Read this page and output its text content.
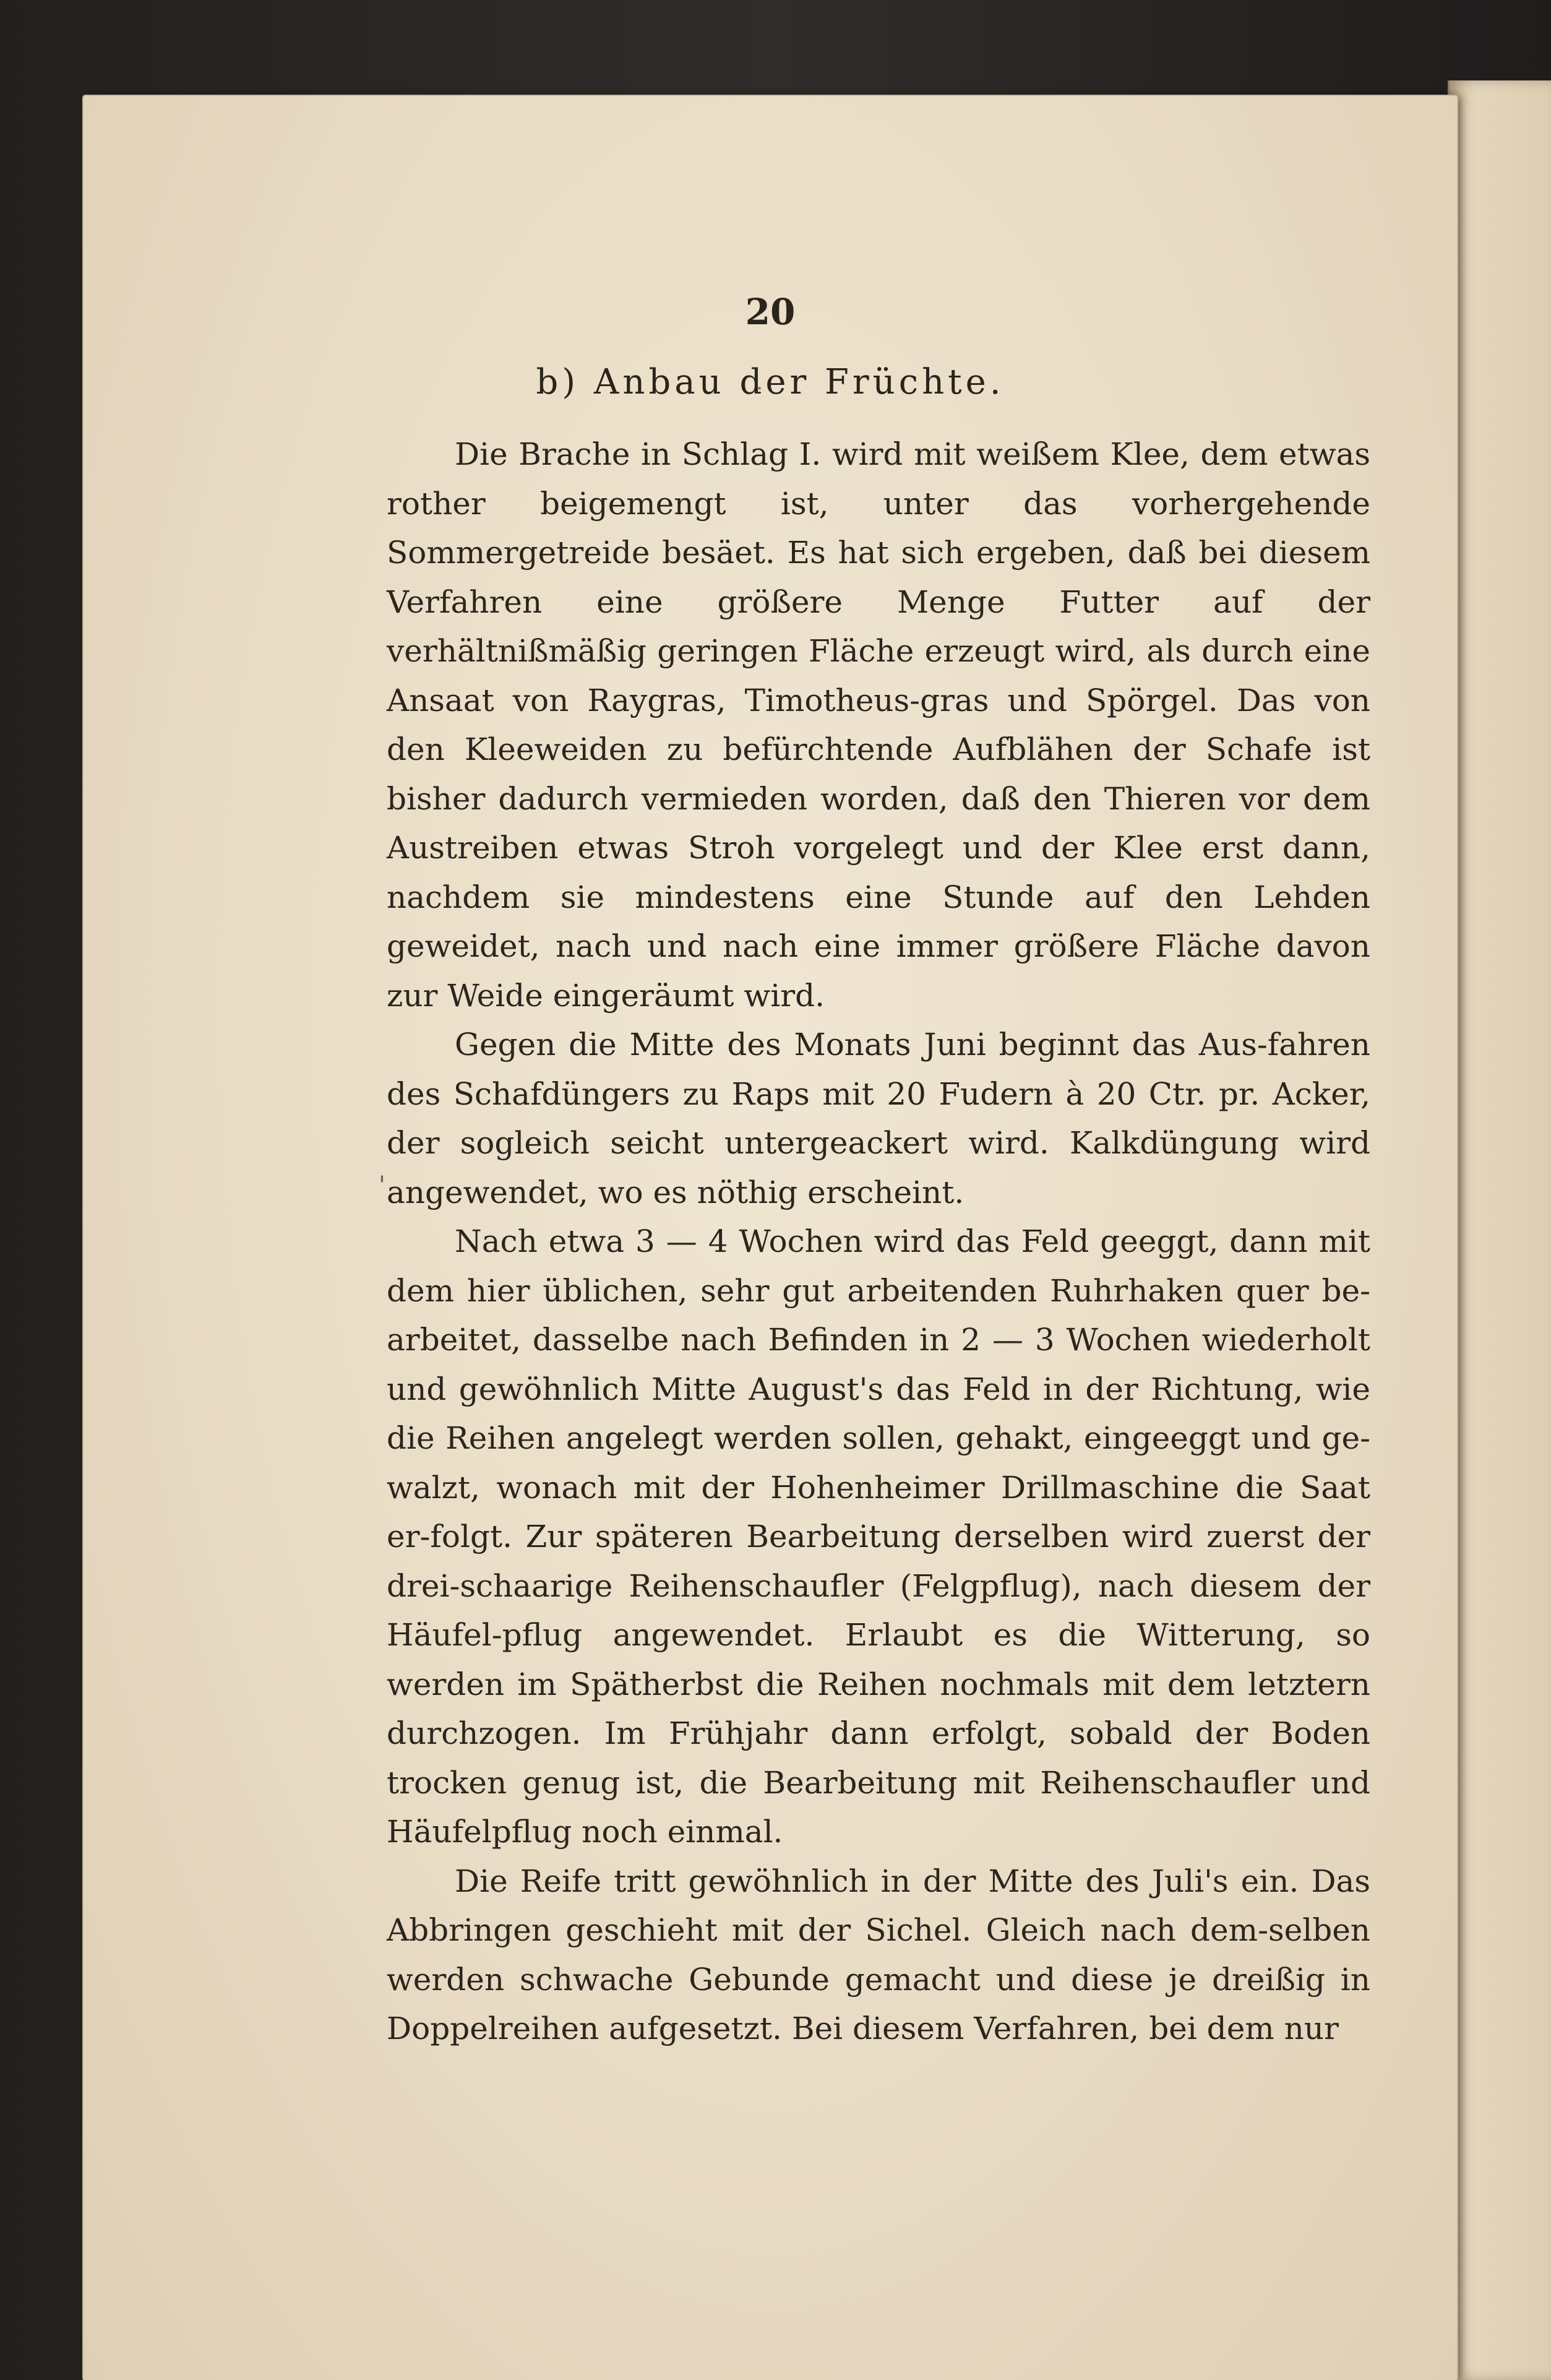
20
b) Anbau der Früchte.

Die Brache in Schlag I. wird mit weißem Klee, dem etwas rother beigemengt ist, unter das vorhergehende Sommergetreide besäet. Es hat sich ergeben, daß bei diesem Verfahren eine größere Menge Futter auf der verhältnißmäßig geringen Fläche erzeugt wird, als durch eine Ansaat von Raygras, Timotheus-gras und Spörgel. Das von den Kleeweiden zu befürchtende Aufblähen der Schafe ist bisher dadurch vermieden worden, daß den Thieren vor dem Austreiben etwas Stroh vorgelegt und der Klee erst dann, nachdem sie mindestens eine Stunde auf den Lehden geweidet, nach und nach eine immer größere Fläche davon zur Weide eingeräumt wird.

Gegen die Mitte des Monats Juni beginnt das Aus-fahren des Schafdüngers zu Raps mit 20 Fudern à 20 Ctr. pr. Acker, der sogleich seicht untergeackert wird. Kalkdüngung wird angewendet, wo es nöthig erscheint.

Nach etwa 3 — 4 Wochen wird das Feld geeggt, dann mit dem hier üblichen, sehr gut arbeitenden Ruhrhaken quer be-arbeitet, dasselbe nach Befinden in 2 — 3 Wochen wiederholt und gewöhnlich Mitte August's das Feld in der Richtung, wie die Reihen angelegt werden sollen, gehakt, eingeeggt und ge-walzt, wonach mit der Hohenheimer Drillmaschine die Saat er-folgt. Zur späteren Bearbeitung derselben wird zuerst der drei-schaarige Reihenschaufler (Felgpflug), nach diesem der Häufel-pflug angewendet. Erlaubt es die Witterung, so werden im Spätherbst die Reihen nochmals mit dem letztern durchzogen. Im Frühjahr dann erfolgt, sobald der Boden trocken genug ist, die Bearbeitung mit Reihenschaufler und Häufelpflug noch einmal.

Die Reife tritt gewöhnlich in der Mitte des Juli's ein. Das Abbringen geschieht mit der Sichel. Gleich nach dem-selben werden schwache Gebunde gemacht und diese je dreißig in Doppelreihen aufgesetzt. Bei diesem Verfahren, bei dem nur

'
